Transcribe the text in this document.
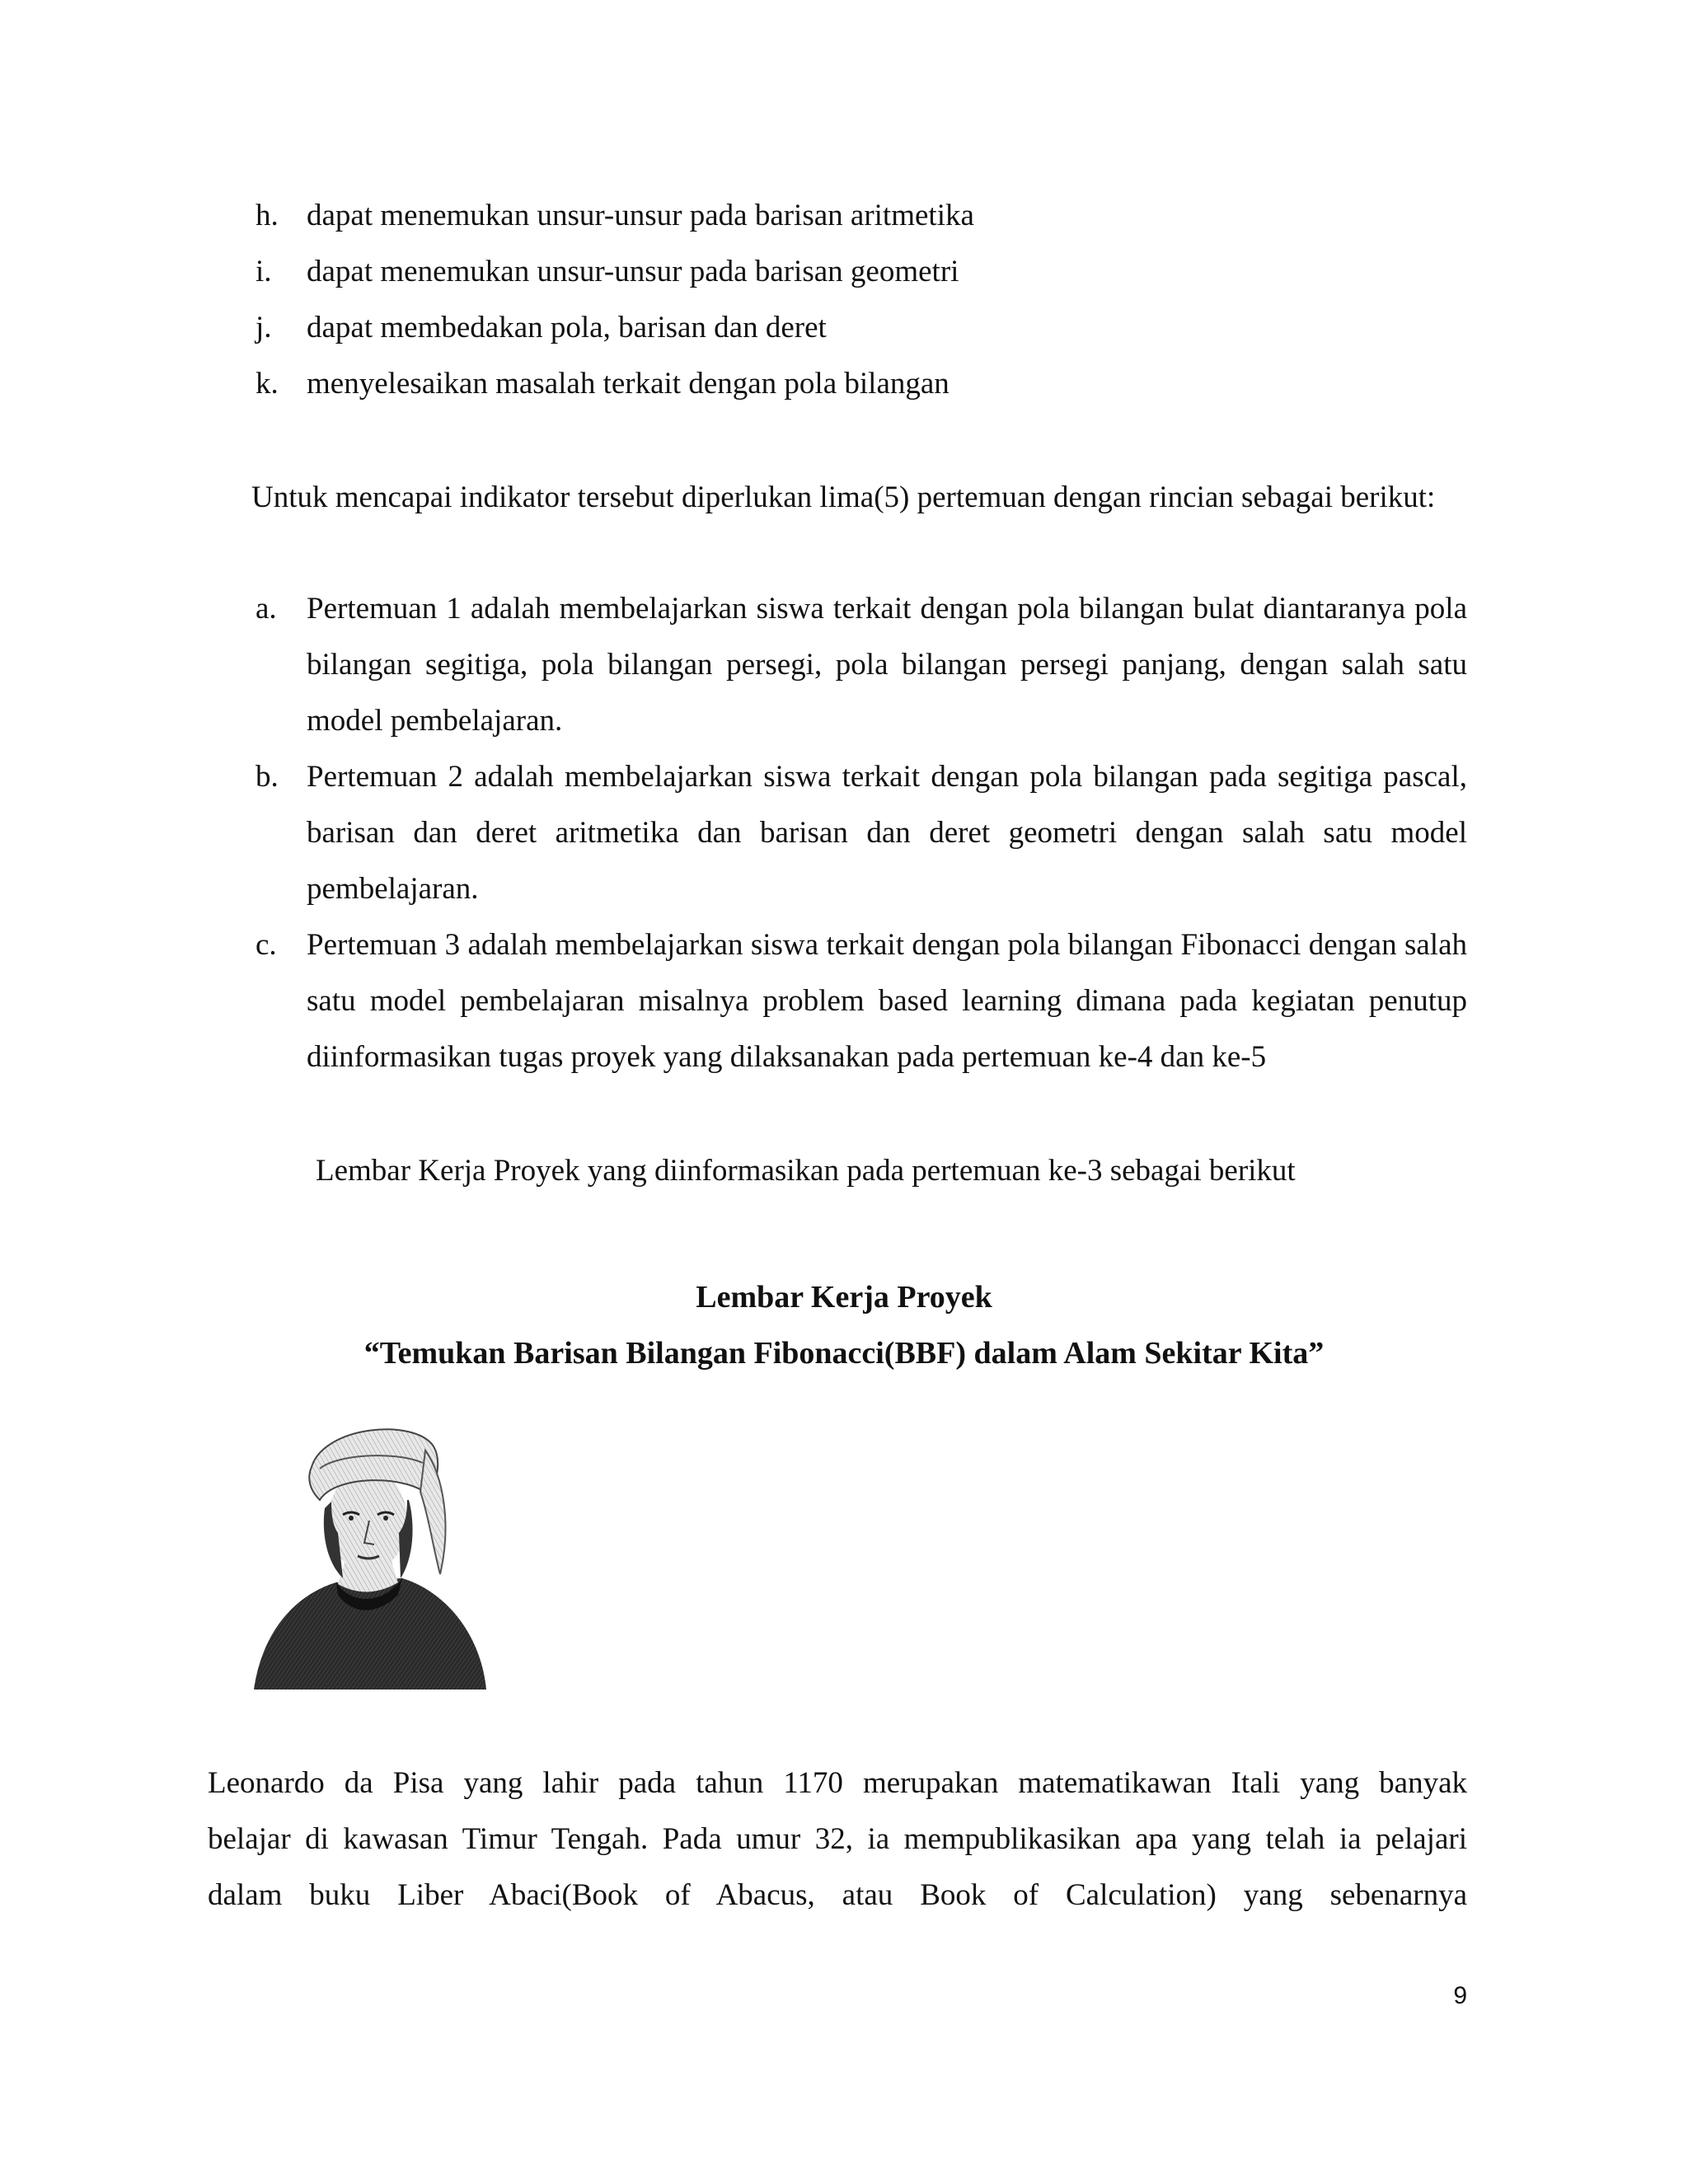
h. dapat menemukan unsur-unsur pada barisan aritmetika
i.	dapat menemukan unsur-unsur pada barisan geometri
j.	dapat membedakan pola, barisan dan deret
k. menyelesaikan masalah terkait dengan pola bilangan
Untuk mencapai indikator tersebut diperlukan lima(5) pertemuan dengan rincian sebagai berikut:
a. Pertemuan 1 adalah membelajarkan siswa terkait dengan pola bilangan bulat diantaranya pola bilangan segitiga, pola bilangan persegi, pola bilangan persegi panjang, dengan salah satu model pembelajaran.
b. Pertemuan 2 adalah membelajarkan siswa terkait dengan pola bilangan pada segitiga pascal, barisan dan deret aritmetika dan barisan dan deret geometri dengan salah satu model pembelajaran.
c. Pertemuan 3 adalah membelajarkan siswa terkait dengan pola bilangan Fibonacci dengan salah satu model pembelajaran misalnya problem based learning dimana pada kegiatan penutup diinformasikan tugas proyek yang dilaksanakan pada pertemuan ke-4 dan ke-5
Lembar Kerja Proyek yang diinformasikan pada pertemuan ke-3 sebagai berikut
Lembar Kerja Proyek
“Temukan Barisan Bilangan Fibonacci(BBF) dalam Alam Sekitar Kita”
Leonardo da Pisa yang lahir pada tahun 1170 merupakan matematikawan Itali yang banyak
belajar di kawasan Timur Tengah. Pada umur 32, ia mempublikasikan apa yang telah ia pelajari
dalam buku Liber Abaci(Book of Abacus, atau Book of Calculation) yang sebenarnya
9
